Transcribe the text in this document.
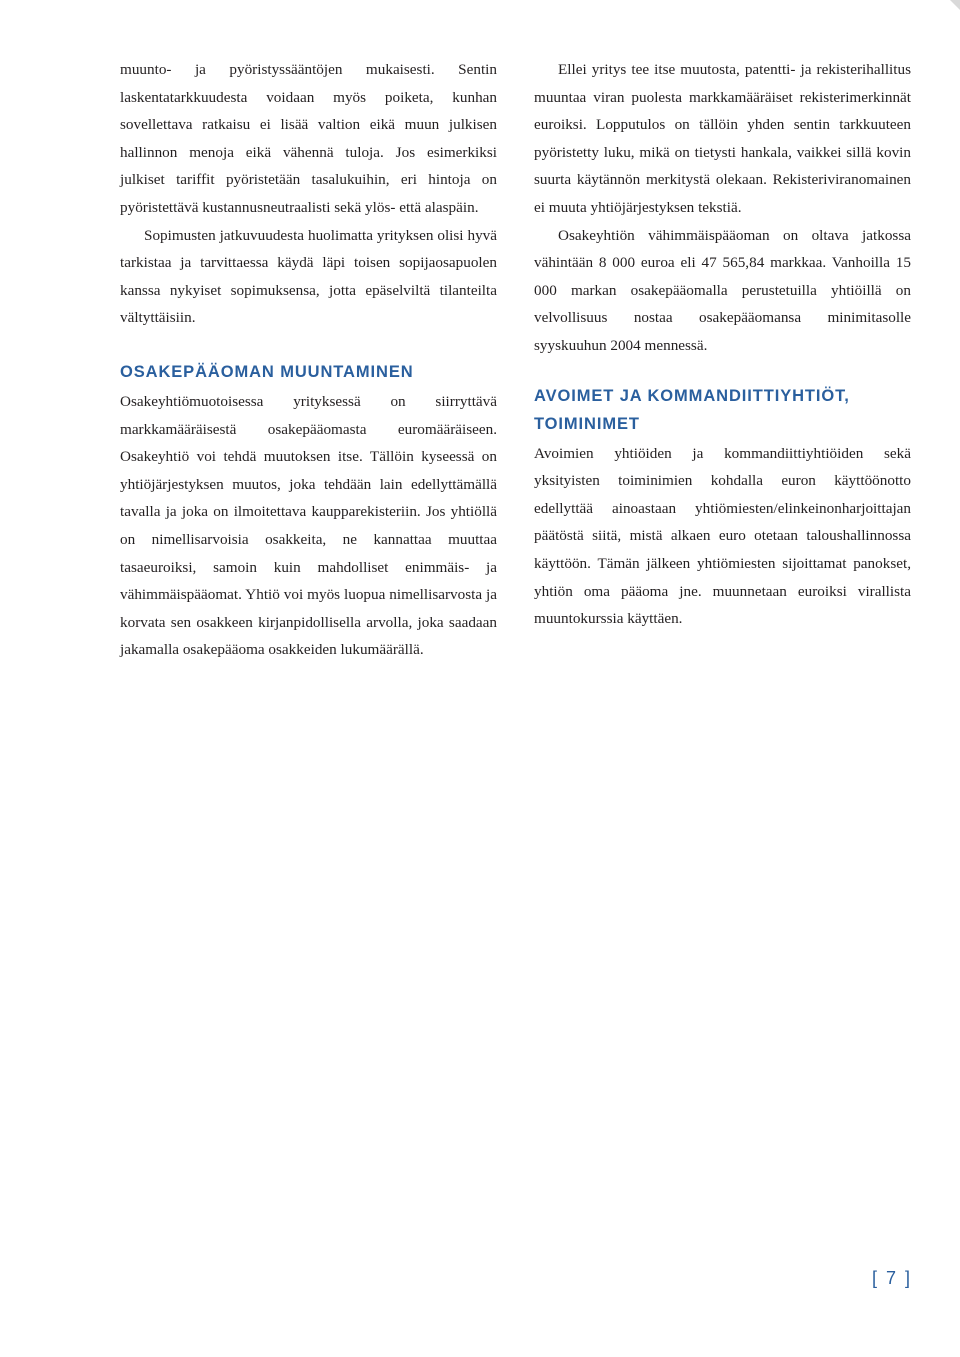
muunto- ja pyöristyssääntöjen mukaisesti. Sentin laskentatarkkuudesta voidaan myös poiketa, kunhan sovellettava ratkaisu ei lisää valtion eikä muun julkisen hallinnon menoja eikä vähennä tuloja. Jos esimerkiksi julkiset tariffit pyöristetään tasalukuihin, eri hintoja on pyöristettävä kustannusneutraalisti sekä ylös- että alaspäin.

Sopimusten jatkuvuudesta huolimatta yrityksen olisi hyvä tarkistaa ja tarvittaessa käydä läpi toisen sopijaosapuolen kanssa nykyiset sopimuksensa, jotta epäselviltä tilanteilta vältyttäisiin.

OSAKEPÄÄOMAN MUUNTAMINEN

Osakeyhtiömuotoisessa yrityksessä on siirryttävä markkamääräisestä osakepääomasta euromääräiseen. Osakeyhtiö voi tehdä muutoksen itse. Tällöin kyseessä on yhtiöjärjestyksen muutos, joka tehdään lain edellyttämällä tavalla ja joka on ilmoitettava kaupparekisteriin. Jos yhtiöllä on nimellisarvoisia osakkeita, ne kannattaa muuttaa tasaeuroiksi, samoin kuin mahdolliset enimmäis- ja vähimmäispääomat. Yhtiö voi myös luopua nimellisarvosta ja korvata sen osakkeen kirjanpidollisella arvolla, joka saadaan jakamalla osakepääoma osakkeiden lukumäärällä.

Ellei yritys tee itse muutosta, patentti- ja rekisterihallitus muuntaa viran puolesta markkamääräiset rekisterimerkinnät euroiksi. Lopputulos on tällöin yhden sentin tarkkuuteen pyöristetty luku, mikä on tietysti hankala, vaikkei sillä kovin suurta käytännön merkitystä olekaan. Rekisteriviranomainen ei muuta yhtiöjärjestyksen tekstiä.

Osakeyhtiön vähimmäispääoman on oltava jatkossa vähintään 8 000 euroa eli 47 565,84 markkaa. Vanhoilla 15 000 markan osakepääomalla perustetuilla yhtiöillä on velvollisuus nostaa osakepääomansa minimitasolle syyskuuhun 2004 mennessä.

AVOIMET JA KOMMANDIITTIYHTIÖT, TOIMINIMET

Avoimien yhtiöiden ja kommandiittiyhtiöiden sekä yksityisten toiminimien kohdalla euron käyttöönotto edellyttää ainoastaan yhtiömiesten/elinkeinonharjoittajan päätöstä siitä, mistä alkaen euro otetaan taloushallinnossa käyttöön. Tämän jälkeen yhtiömiesten sijoittamat panokset, yhtiön oma pääoma jne. muunnetaan euroiksi virallista muuntokurssia käyttäen.

[ 7 ]
